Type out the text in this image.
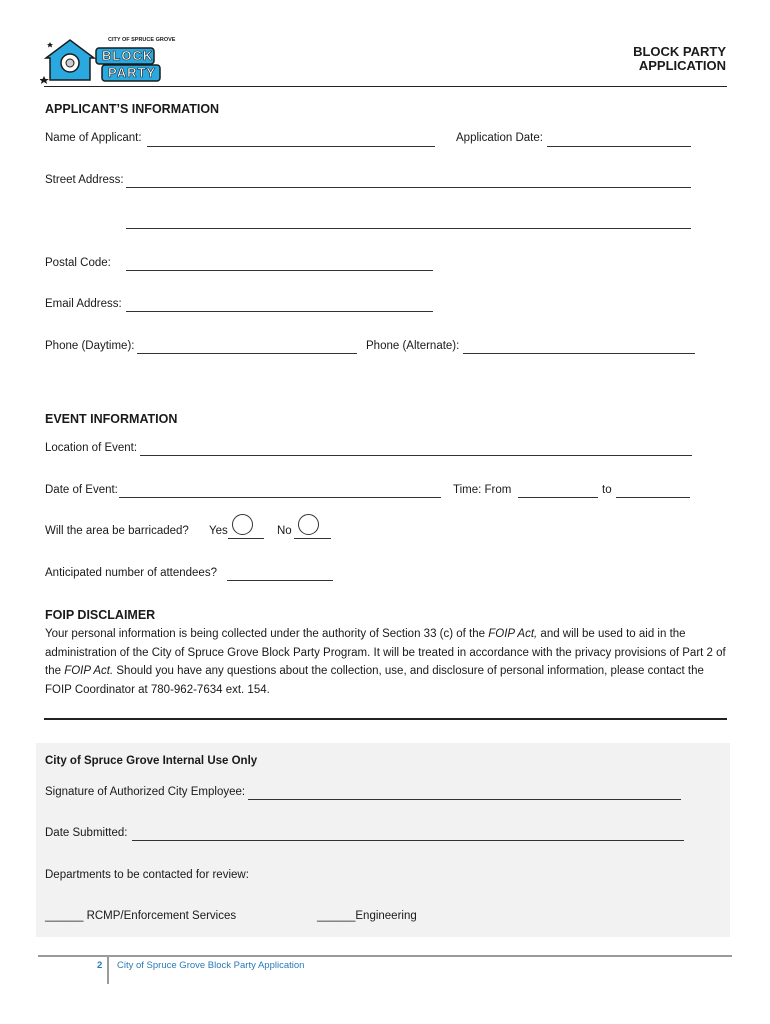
CITY OF SPRUCE GROVE
BLOCK
PARTY
BLOCK PARTY
APPLICATION
APPLICANT’S INFORMATION
Name of Applicant:	Application Date:
Street Address:
Postal Code:
Email Address:
Phone (Daytime):	Phone (Alternate):
EVENT INFORMATION
Location of Event:
Date of Event:	Time: From	to
Will the area be barricaded? Yes	No
Anticipated number of attendees?
FOIP DISCLAIMER
Your personal information is being collected under the authority of Section 33 (c) of the FOIP Act, and will be used to aid in the administration of the City of Spruce Grove Block Party Program. It will be treated in accordance with the privacy provisions of Part 2 of the FOIP Act. Should you have any questions about the collection, use, and disclosure of personal information, please contact the FOIP Coordinator at 780-962-7634 ext. 154.
City of Spruce Grove Internal Use Only
Signature of Authorized City Employee:
Date Submitted:
Departments to be contacted for review:
______ RCMP/Enforcement Services	______Engineering
2 City of Spruce Grove Block Party Application
